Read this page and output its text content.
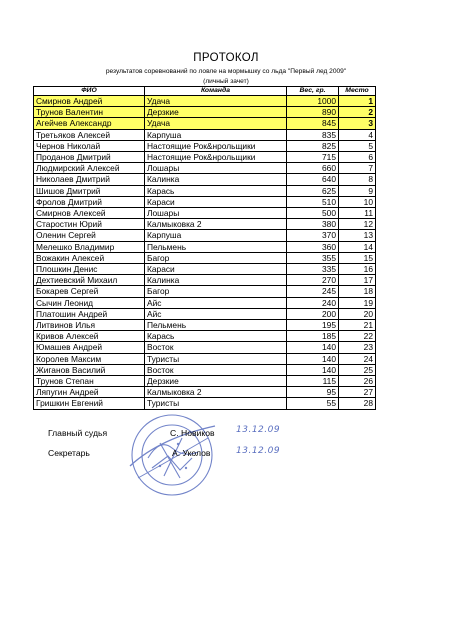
ПРОТОКОЛ
результатов соревнований по ловле на мормышку со льда "Первый лед 2009"
(личный зачет)
ФИО	Команда	Вес, гр.	Место
Смирнов Андрей	Удача	1000	1
Трунов Валентин	Дерзкие	890	2
Агейчев Александр	Удача	845	3
Третьяков Алексей	Карпуша	835	4
Чернов Николай	Настоящие Рок&нрольщики	825	5
Проданов Дмитрий	Настоящие Рок&нрольщики	715	6
Людмирский Алексей	Лошары	660	7
Николаев Дмитрий	Калинка	640	8
Шишов Дмитрий	Карась	625	9
Фролов Дмитрий	Караси	510	10
Смирнов Алексей	Лошары	500	11
Старостин Юрий	Калмыковка 2	380	12
Оленин Сергей	Карпуша	370	13
Мелешко Владимир	Пельмень	360	14
Вожакин Алексей	Багор	355	15
Плошкин Денис	Караси	335	16
Дехтиевский Михаил	Калинка	270	17
Бокарев Сергей	Багор	245	18
Сычин Леонид	Айс	240	19
Платошин Андрей	Айс	200	20
Литвинов Илья	Пельмень	195	21
Кривов Алексей	Карась	185	22
Юмашев Андрей	Восток	140	23
Королев Максим	Туристы	140	24
Жиганов Василий	Восток	140	25
Трунов Степан	Дерзкие	115	26
Ляпугин Андрей	Калмыковка 2	95	27
Гришкин Евгений	Туристы	55	28
Главный судья	С. Новиков 13.12.09
Секретарь	А. Уколов	13.12.09
